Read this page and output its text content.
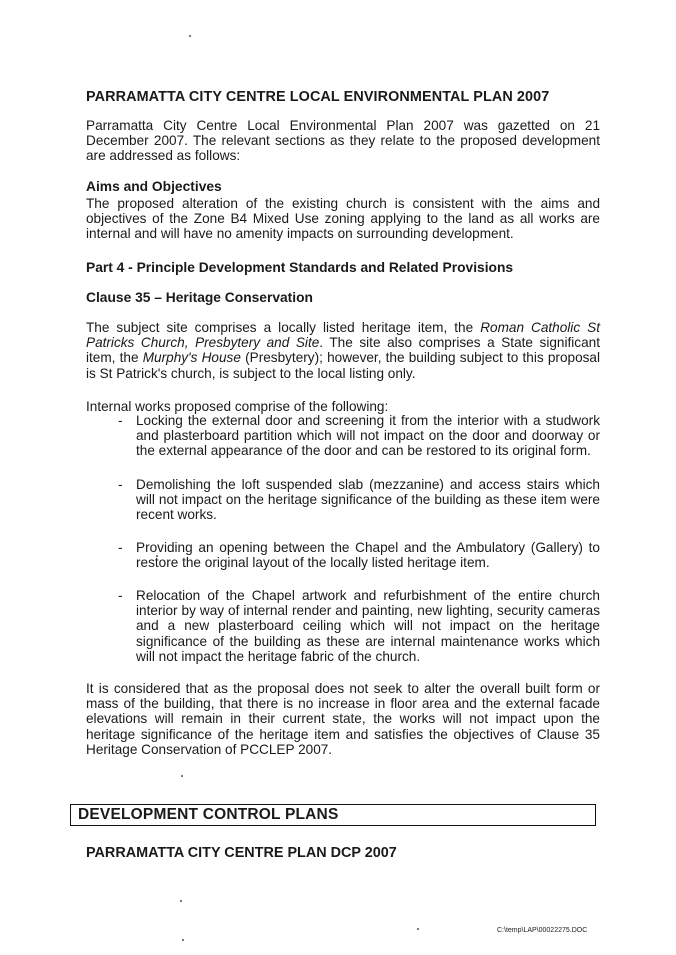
PARRAMATTA CITY CENTRE LOCAL ENVIRONMENTAL PLAN 2007

Parramatta City Centre Local Environmental Plan 2007 was gazetted on 21 December 2007. The relevant sections as they relate to the proposed development are addressed as follows:

Aims and Objectives

The proposed alteration of the existing church is consistent with the aims and objectives of the Zone B4 Mixed Use zoning applying to the land as all works are internal and will have no amenity impacts on surrounding development.

Part 4 - Principle Development Standards and Related Provisions
Clause 35 – Heritage Conservation

The subject site comprises a locally listed heritage item, the Roman Catholic St Patricks Church, Presbytery and Site. The site also comprises a State significant item, the Murphy's House (Presbytery); however, the building subject to this proposal is St Patrick's church, is subject to the local listing only.

Internal works proposed comprise of the following:
- Locking the external door and screening it from the interior with a studwork and plasterboard partition which will not impact on the door and doorway or the external appearance of the door and can be restored to its original form.
- Demolishing the loft suspended slab (mezzanine) and access stairs which will not impact on the heritage significance of the building as these item were recent works.
- Providing an opening between the Chapel and the Ambulatory (Gallery) to restore the original layout of the locally listed heritage item.
- Relocation of the Chapel artwork and refurbishment of the entire church interior by way of internal render and painting, new lighting, security cameras and a new plasterboard ceiling which will not impact on the heritage significance of the building as these are internal maintenance works which will not impact the heritage fabric of the church.

It is considered that as the proposal does not seek to alter the overall built form or mass of the building, that there is no increase in floor area and the external facade elevations will remain in their current state, the works will not impact upon the heritage significance of the heritage item and satisfies the objectives of Clause 35 Heritage Conservation of PCCLEP 2007.

DEVELOPMENT CONTROL PLANS
PARRAMATTA CITY CENTRE PLAN DCP 2007
C:\temp\LAP\00022275.DOC
